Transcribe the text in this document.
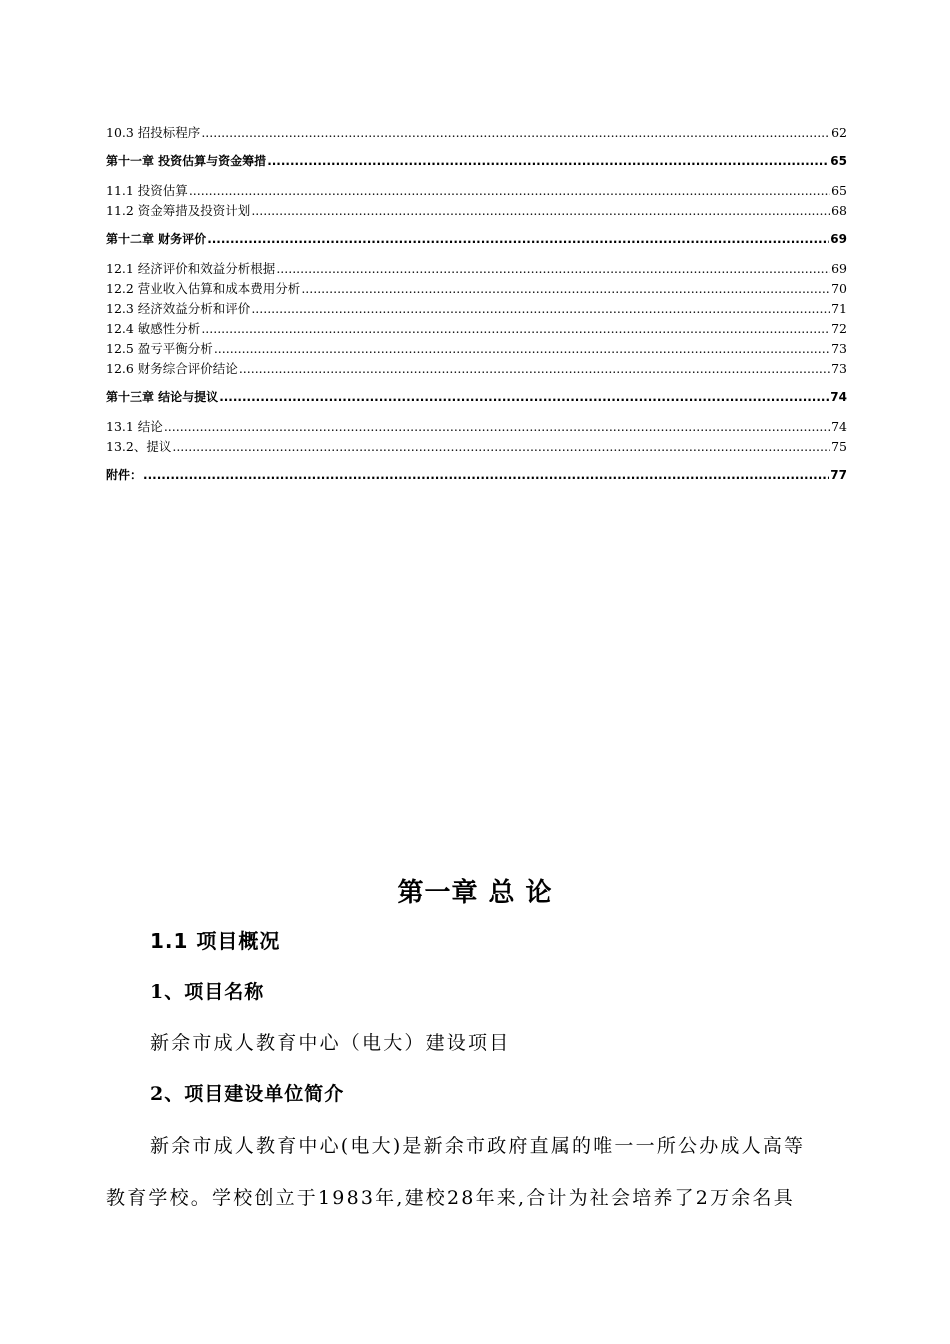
10.3 招投标程序 .....	62
第十一章 投资估算与资金筹措 .....	65
11.1 投资估算 .....	65
11.2 资金筹措及投资计划 .....	68
第十二章 财务评价 .....	69
12.1 经济评价和效益分析根据 .....	69
12.2 营业收入估算和成本费用分析 .....	70
12.3 经济效益分析和评价 .....	71
12.4 敏感性分析 .....	72
12.5 盈亏平衡分析 .....	73
12.6 财务综合评价结论 .....	73
第十三章 结论与提议 .....	74
13.1 结论 .....	74
13.2、提议 .....	75
附件： .....	77
第一章 总 论
1.1 项目概况
1、项目名称
新余市成人教育中心（电大）建设项目
2、项目建设单位简介
新余市成人教育中心(电大)是新余市政府直属的唯一一所公办成人高等
教育学校。学校创立于1983年,建校28年来,合计为社会培养了2万余名具
